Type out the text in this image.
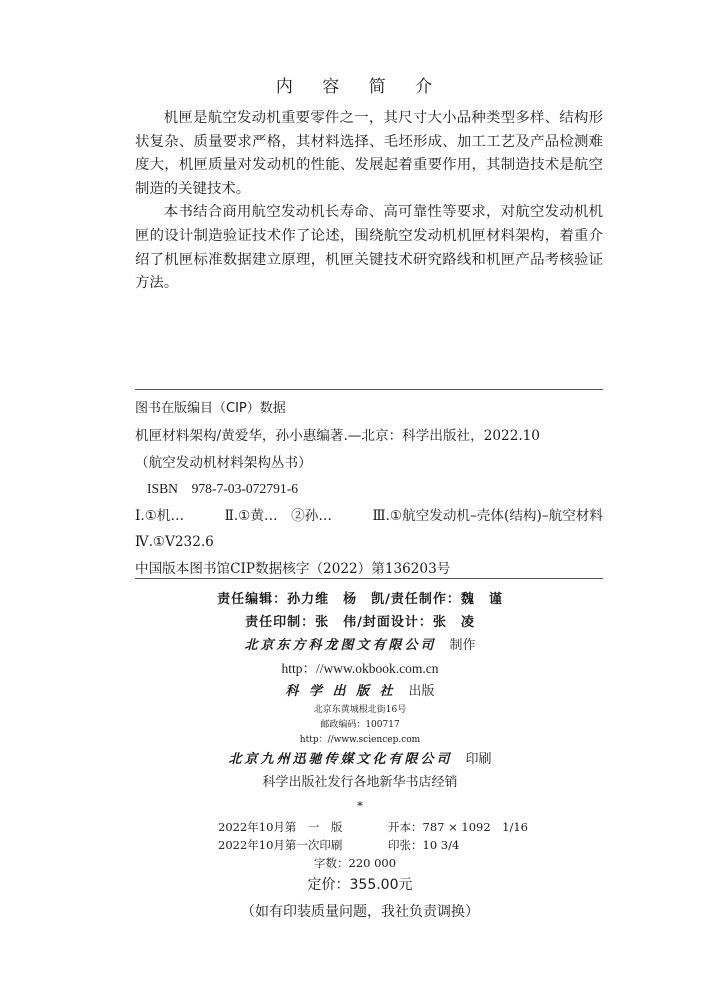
内 容 简 介

机匣是航空发动机重要零件之一，其尺寸大小品种类型多样、结构形状复杂、质量要求严格，其材料选择、毛坯形成、加工工艺及产品检测难度大，机匣质量对发动机的性能、发展起着重要作用，其制造技术是航空制造的关键技术。

本书结合商用航空发动机长寿命、高可靠性等要求，对航空发动机机匣的设计制造验证技术作了论述，围绕航空发动机机匣材料架构，着重介绍了机匣标准数据建立原理，机匣关键技术研究路线和机匣产品考核验证方法。

图书在版编目（CIP）数据
机匣材料架构/黄爱华，孙小惠编著.—北京：科学出版社，2022.10
（航空发动机材料架构丛书）
ISBN　978-7-03-072791-6
Ⅰ.①机…	Ⅱ.①黄…　②孙…	Ⅲ.①航空发动机–壳体(结构)–航空材料
Ⅳ.①V232.6
中国版本图书馆CIP数据核字（2022）第136203号
责任编辑：孙力维　杨　凯/责任制作：魏　谨
责任印制：张　伟/封面设计：张　凌
北京东方科龙图文有限公司　 制作
http：//www.okbook.com.cn
科 学 出 版 社　 出版
北京东黄城根北街16号
邮政编码：100717
http：//www.sciencep.com
北京九州迅驰传媒文化有限公司　 印刷
科学出版社发行各地新华书店经销
*
2022年10月第　一　版	开本：787 × 1092　1/16
2022年10月第一次印刷	印张：10 3/4
字数：220 000
定价：355.00元
（如有印装质量问题，我社负责调换）
